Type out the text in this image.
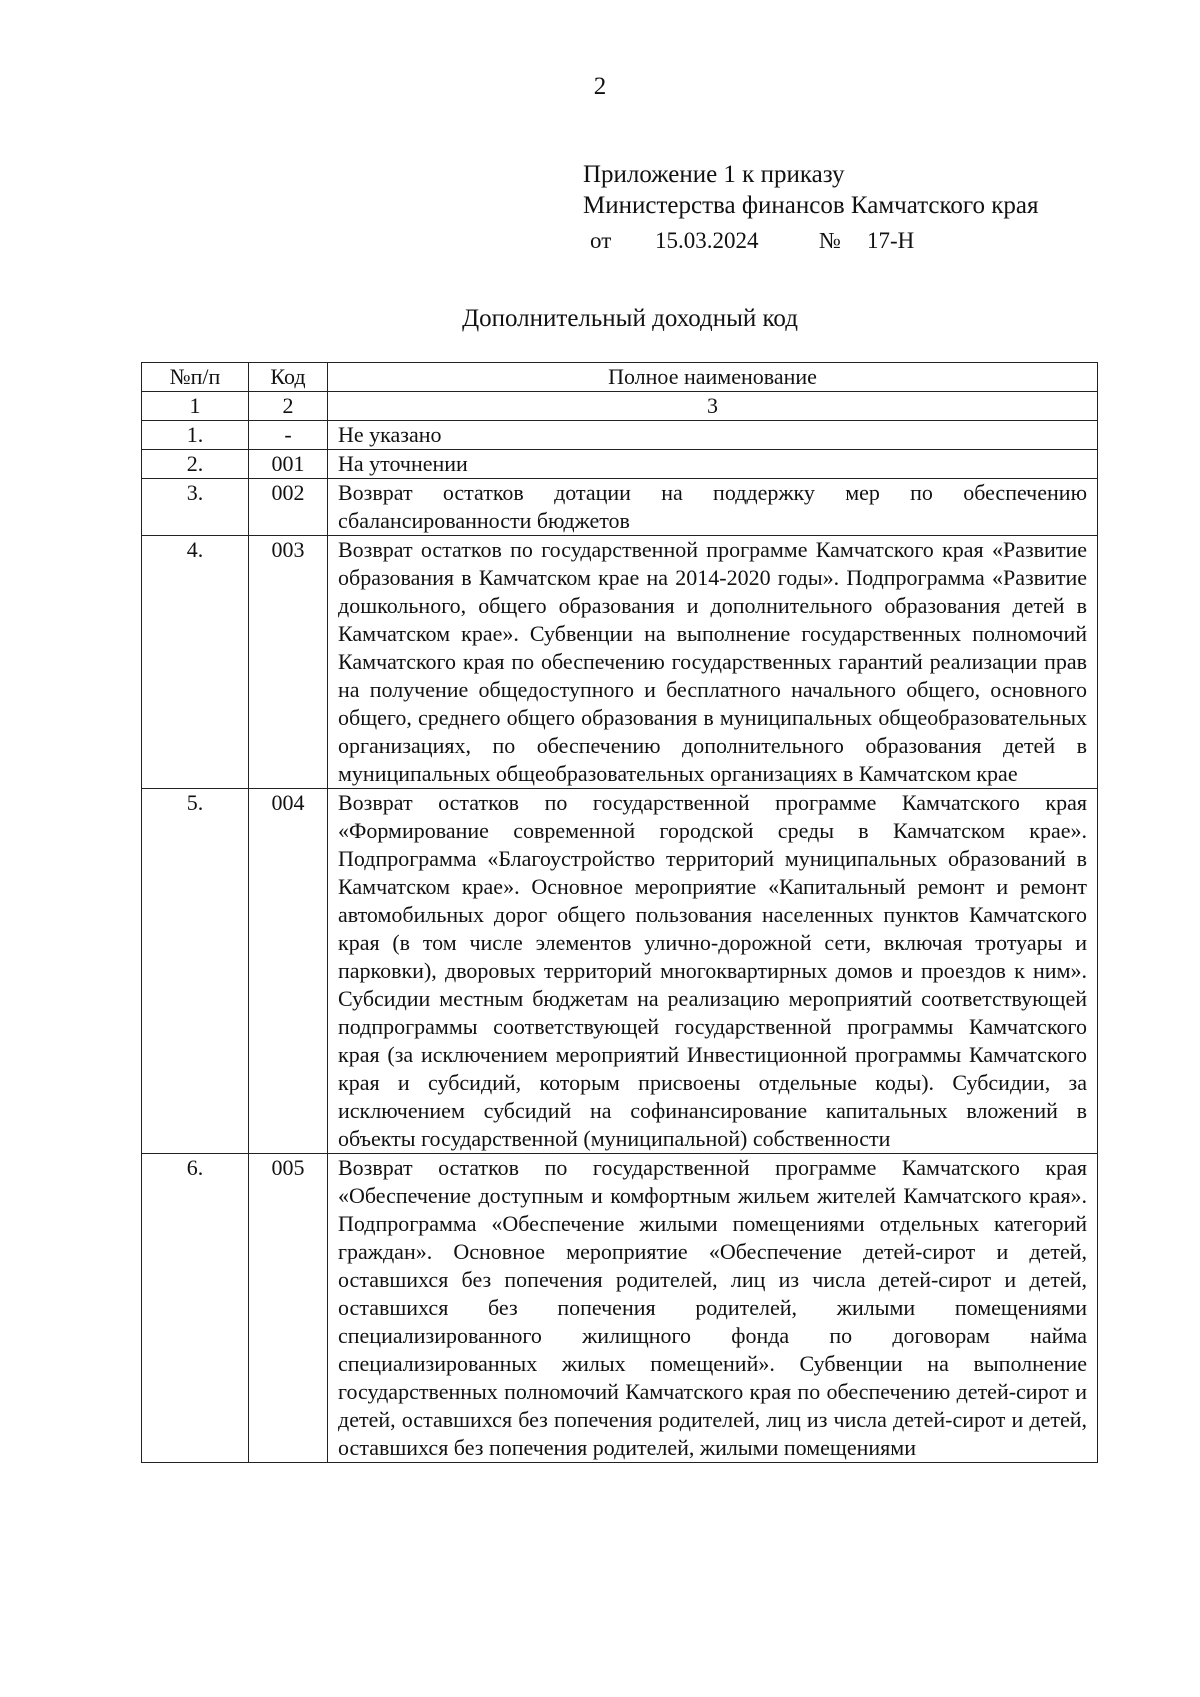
2
Приложение 1 к приказу
Министерства финансов Камчатского края
от 15.03.2024	№ 17-Н
Дополнительный доходный код
№п/п	Код	Полное наименование
1	2	3
1.	-	Не указано
2.	001	На уточнении
3.	002	Возврат остатков дотации на поддержку мер по обеспечению сбалансированности бюджетов
4.	003	Возврат остатков по государственной программе Камчатского края «Развитие образования в Камчатском крае на 2014-2020 годы». Подпрограмма «Развитие дошкольного, общего образования и дополнительного образования детей в Камчатском крае». Субвенции на выполнение государственных полномочий Камчатского края по обеспечению государственных гарантий реализации прав на получение общедоступного и бесплатного начального общего, основного общего, среднего общего образования в муниципальных общеобразовательных организациях, по обеспечению дополнительного образования детей в муниципальных общеобразовательных организациях в Камчатском крае
5.	004	Возврат остатков по государственной программе Камчатского края «Формирование современной городской среды в Камчатском крае». Подпрограмма «Благоустройство территорий муниципальных образований в Камчатском крае». Основное мероприятие «Капитальный ремонт и ремонт автомобильных дорог общего пользования населенных пунктов Камчатского края (в том числе элементов улично-дорожной сети, включая тротуары и парковки), дворовых территорий многоквартирных домов и проездов к ним». Субсидии местным бюджетам на реализацию мероприятий соответствующей подпрограммы соответствующей государственной программы Камчатского края (за исключением мероприятий Инвестиционной программы Камчатского края и субсидий, которым присвоены отдельные коды). Субсидии, за исключением субсидий на софинансирование капитальных вложений в объекты государственной (муниципальной) собственности
6.	005	Возврат остатков по государственной программе Камчатского края «Обеспечение доступным и комфортным жильем жителей Камчатского края». Подпрограмма «Обеспечение жилыми помещениями отдельных категорий граждан». Основное мероприятие «Обеспечение детей-сирот и детей, оставшихся без попечения родителей, лиц из числа детей-сирот и детей, оставшихся без попечения родителей, жилыми помещениями специализированного жилищного фонда по договорам найма специализированных жилых помещений». Субвенции на выполнение государственных полномочий Камчатского края по обеспечению детей-сирот и детей, оставшихся без попечения родителей, лиц из числа детей-сирот и детей, оставшихся без попечения родителей, жилыми помещениями
